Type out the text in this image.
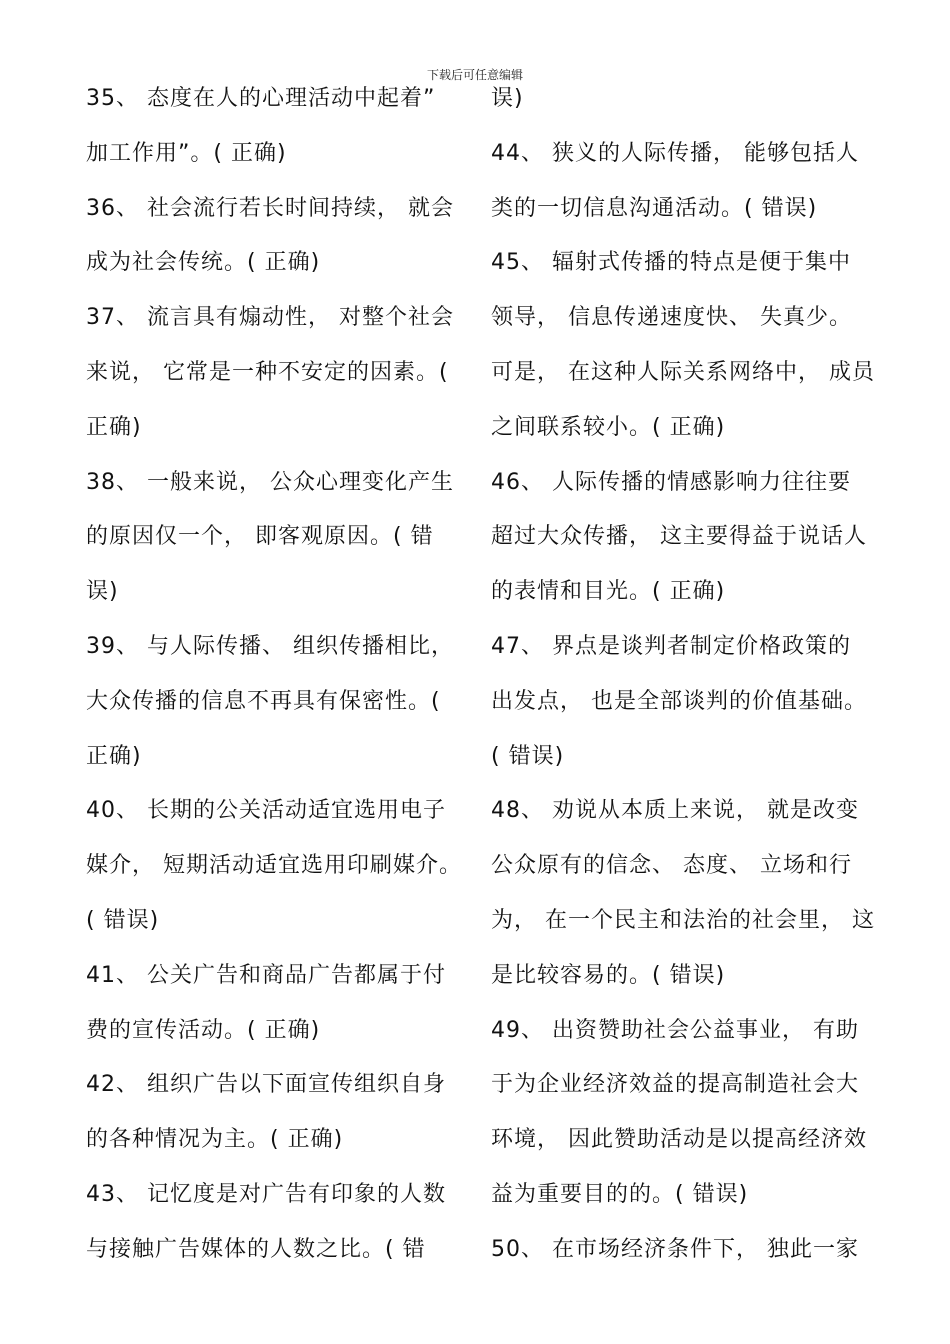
下载后可任意编辑
35、 态度在人的心理活动中起着”
加工作用”。( 正确)
36、 社会流行若长时间持续， 就会
成为社会传统。( 正确)
37、 流言具有煽动性， 对整个社会
来说， 它常是一种不安定的因素。(
正确)
38、 一般来说， 公众心理变化产生
的原因仅一个， 即客观原因。( 错
误)
39、 与人际传播、 组织传播相比，
大众传播的信息不再具有保密性。(
正确)
40、 长期的公关活动适宜选用电子
媒介， 短期活动适宜选用印刷媒介。
( 错误)
41、 公关广告和商品广告都属于付
费的宣传活动。( 正确)
42、 组织广告以下面宣传组织自身
的各种情况为主。( 正确)
43、 记忆度是对广告有印象的人数
与接触广告媒体的人数之比。( 错
误)
44、 狭义的人际传播， 能够包括人
类的一切信息沟通活动。( 错误)
45、 辐射式传播的特点是便于集中
领导， 信息传递速度快、 失真少。
可是， 在这种人际关系网络中， 成员
之间联系较小。( 正确)
46、 人际传播的情感影响力往往要
超过大众传播， 这主要得益于说话人
的表情和目光。( 正确)
47、 界点是谈判者制定价格政策的
出发点， 也是全部谈判的价值基础。
( 错误)
48、 劝说从本质上来说， 就是改变
公众原有的信念、 态度、 立场和行
为， 在一个民主和法治的社会里， 这
是比较容易的。( 错误)
49、 出资赞助社会公益事业， 有助
于为企业经济效益的提高制造社会大
环境， 因此赞助活动是以提高经济效
益为重要目的的。( 错误)
50、 在市场经济条件下， 独此一家
